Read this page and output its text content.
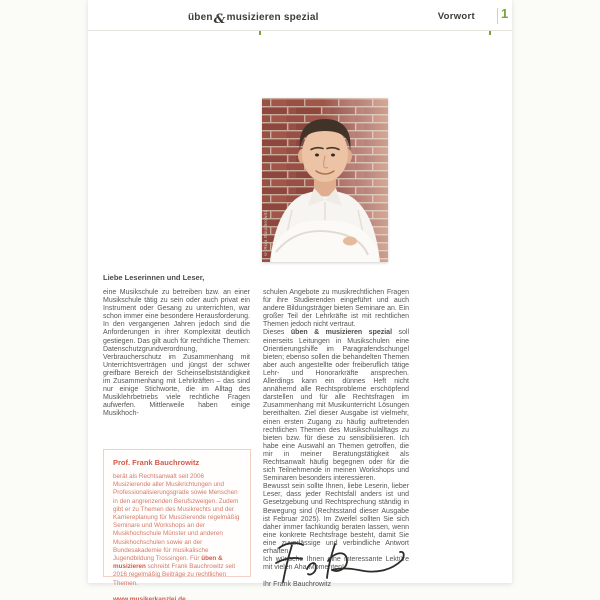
üben&musizieren spezial	Vorwort 1
© Rixa Bauchrowitz
Liebe Leserinnen und Leser,

eine Musikschule zu betreiben bzw. an einer Musikschule tätig zu sein oder auch privat ein Instrument oder Gesang zu unterrichten, war schon immer eine besondere Herausforderung. In den vergangenen Jahren jedoch sind die Anforderungen in ihrer Komplexität deutlich gestiegen. Das gilt auch für rechtliche Themen: Datenschutzgrundverordnung, Verbraucherschutz im Zusammenhang mit Unterrichtsverträgen und jüngst der schwer greifbare Bereich der Scheinselbstständigkeit im Zusammenhang mit Lehrkräften – das sind nur einige Stichworte, die im Alltag des Musiklehrbetriebs viele rechtliche Fragen aufwerfen. Mittlerweile haben einige Musikhoch-

schulen Angebote zu musikrechtlichen Fragen für ihre Studierenden eingeführt und auch andere Bildungsträger bieten Seminare an. Ein großer Teil der Lehrkräfte ist mit rechtlichen Themen jedoch nicht vertraut.

Dieses üben & musizieren spezial soll einerseits Leitungen in Musikschulen eine Orientierungshilfe im Paragrafendschungel bieten; ebenso sollen die behandelten Themen aber auch angestellte oder freiberuflich tätige Lehr- und Honorarkräfte ansprechen. Allerdings kann ein dünnes Heft nicht annähernd alle Rechtsprobleme erschöpfend darstellen und für alle Rechtsfragen im Zusammenhang mit Musikunterricht Lösungen bereithalten. Ziel dieser Ausgabe ist vielmehr, einen ersten Zugang zu häufig auftretenden rechtlichen Themen des Musikschulalltags zu bieten bzw. für diese zu sensibilisieren. Ich habe eine Auswahl an Themen getroffen, die mir in meiner Beratungstätigkeit als Rechtsanwalt häufig begegnen oder für die sich Teilnehmende in meinen Workshops und Seminaren besonders interessieren.

Bewusst sein sollte Ihnen, liebe Leserin, lieber Leser, dass jeder Rechtsfall anders ist und Gesetzgebung und Rechtsprechung ständig in Bewegung sind (Rechtsstand dieser Ausgabe ist Februar 2025). Im Zweifel sollten Sie sich daher immer fachkundig beraten lassen, wenn eine konkrete Rechtsfrage besteht, damit Sie eine zuverlässige und verbindliche Antwort erhalten.

Ich wünsche Ihnen eine interessante Lektüre mit vielen Aha-Momenten!

Ihr Frank Bauchrowitz

Prof. Frank Bauchrowitz

berät als Rechtsanwalt seit 2006 Musizierende aller Musikrichtungen und Professionalisierungsgrade sowie Menschen in den angrenzenden Berufszweigen. Zudem gibt er zu Themen des Musikrechts und der Karriereplanung für Musizierende regelmäßig Seminare und Workshops an der Musikhochschule Münster und anderen Musikhochschulen sowie an der Bundesakademie für musikalische Jugendbildung Trossingen. Für üben & musizieren schreibt Frank Bauchrowitz seit 2016 regelmäßig Beiträge zu rechtlichen Themen.

www.musikerkanzlei.de
